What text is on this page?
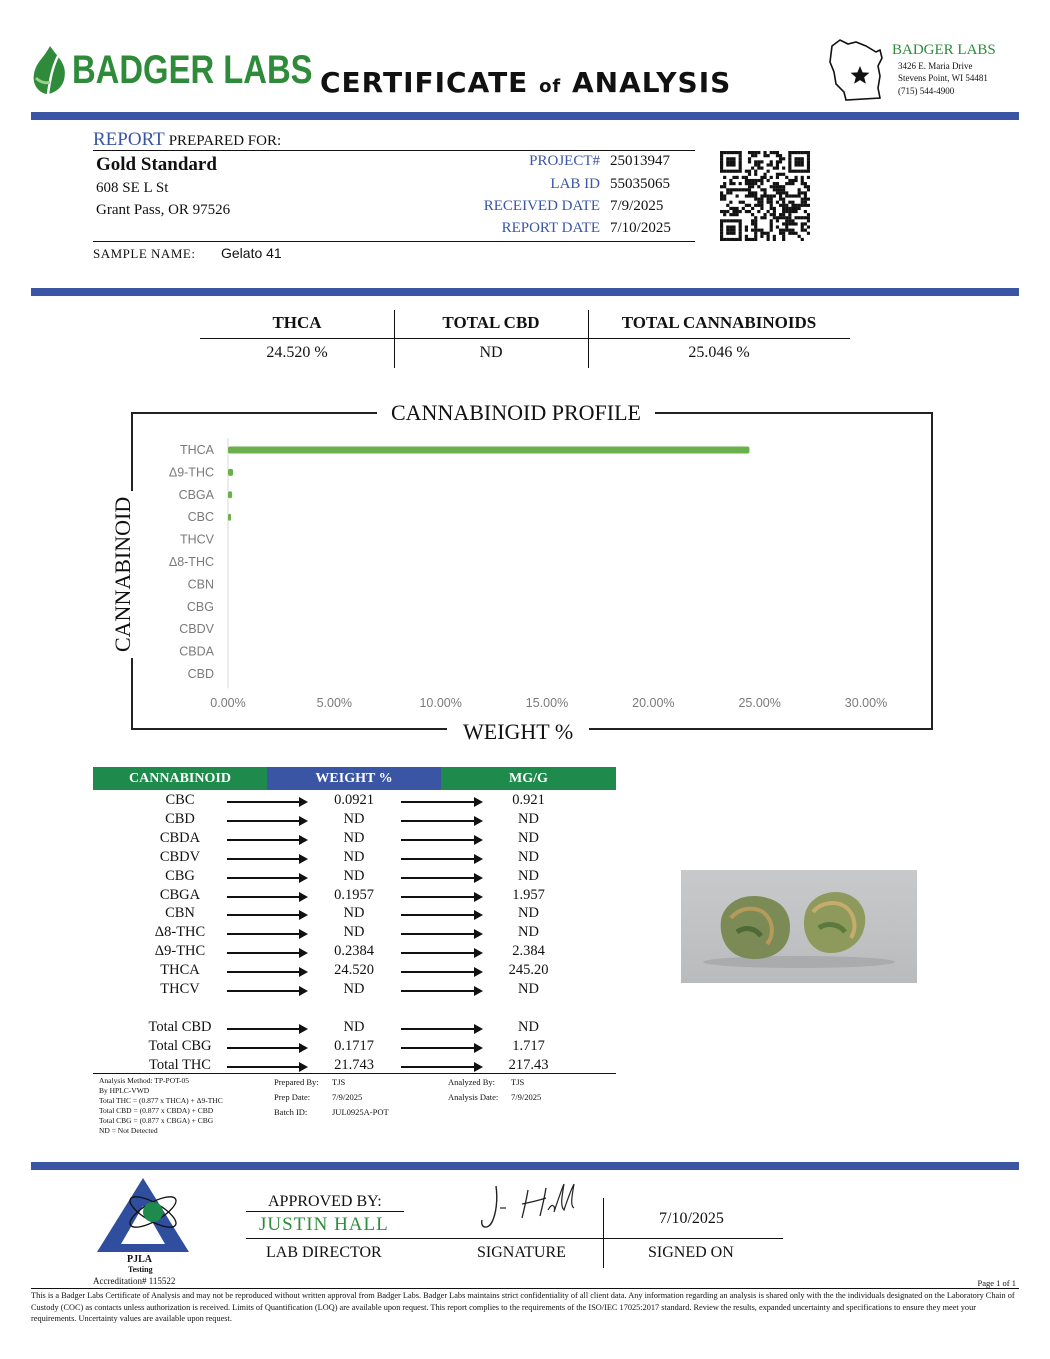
BADGER LABS CERTIFICATE of ANALYSIS
BADGER LABS
3426 E. Maria Drive
Stevens Point, WI 54481
(715) 544-4900
REPORT PREPARED FOR:
Gold Standard
608 SE L St
Grant Pass, OR 97526
PROJECT# 25013947
LAB ID 55035065
RECEIVED DATE 7/9/2025
REPORT DATE 7/10/2025
SAMPLE NAME: Gelato 41
THCA	TOTAL CBD	TOTAL CANNABINOIDS
24.520 %	ND	25.046 %
CANNABINOID PROFILE
WEIGHT %
CANNABINOID
THCA
Δ9-THC
CBGA
CBC
THCV
Δ8-THC
CBN
CBG
CBDV
CBDA
CBD
0.00%	5.00%	10.00%	15.00%	20.00%	25.00%	30.00%
CANNABINOID	WEIGHT %	MG/G
CBC	0.0921	0.921
CBD	ND	ND
CBDA	ND	ND
CBDV	ND	ND
CBG	ND	ND
CBGA	0.1957	1.957
CBN	ND	ND
Δ8-THC	ND	ND
Δ9-THC	0.2384	2.384
THCA	24.520	245.20
THCV	ND	ND
Total CBD	ND	ND
Total CBG	0.1717	1.717
Total THC	21.743	217.43
Analysis Method: TP-POT-05
By HPLC-VWD
Total THC = (0.877 x THCA) + Δ9-THC
Total CBD = (0.877 x CBDA) + CBD
Total CBG = (0.877 x CBGA) + CBG
ND = Not Detected
Prepared By: TJS
Prep Date:	7/9/2025
Batch ID:	JUL0925A-POT
Analyzed By: TJS
Analysis Date: 7/9/2025
PJLA
Testing
Accreditation# 115522
APPROVED BY:
JUSTIN HALL
LAB DIRECTOR	SIGNATURE
7/10/2025
SIGNED ON
Page 1 of 1
This is a Badger Labs Certificate of Analysis and may not be reproduced without written approval from Badger Labs. Badger Labs maintains strict confidentiality of all client data. Any information regarding an analysis is shared only with the the individuals designated on the Laboratory Chain of Custody (COC) as contacts unless authorization is received. Limits of Quantification (LOQ) are available upon request. This report complies to the requirements of the ISO/IEC 17025:2017 standard. Review the results, expanded uncertainty and specifications to ensure they meet your requirements. Uncertainty values are available upon request.
